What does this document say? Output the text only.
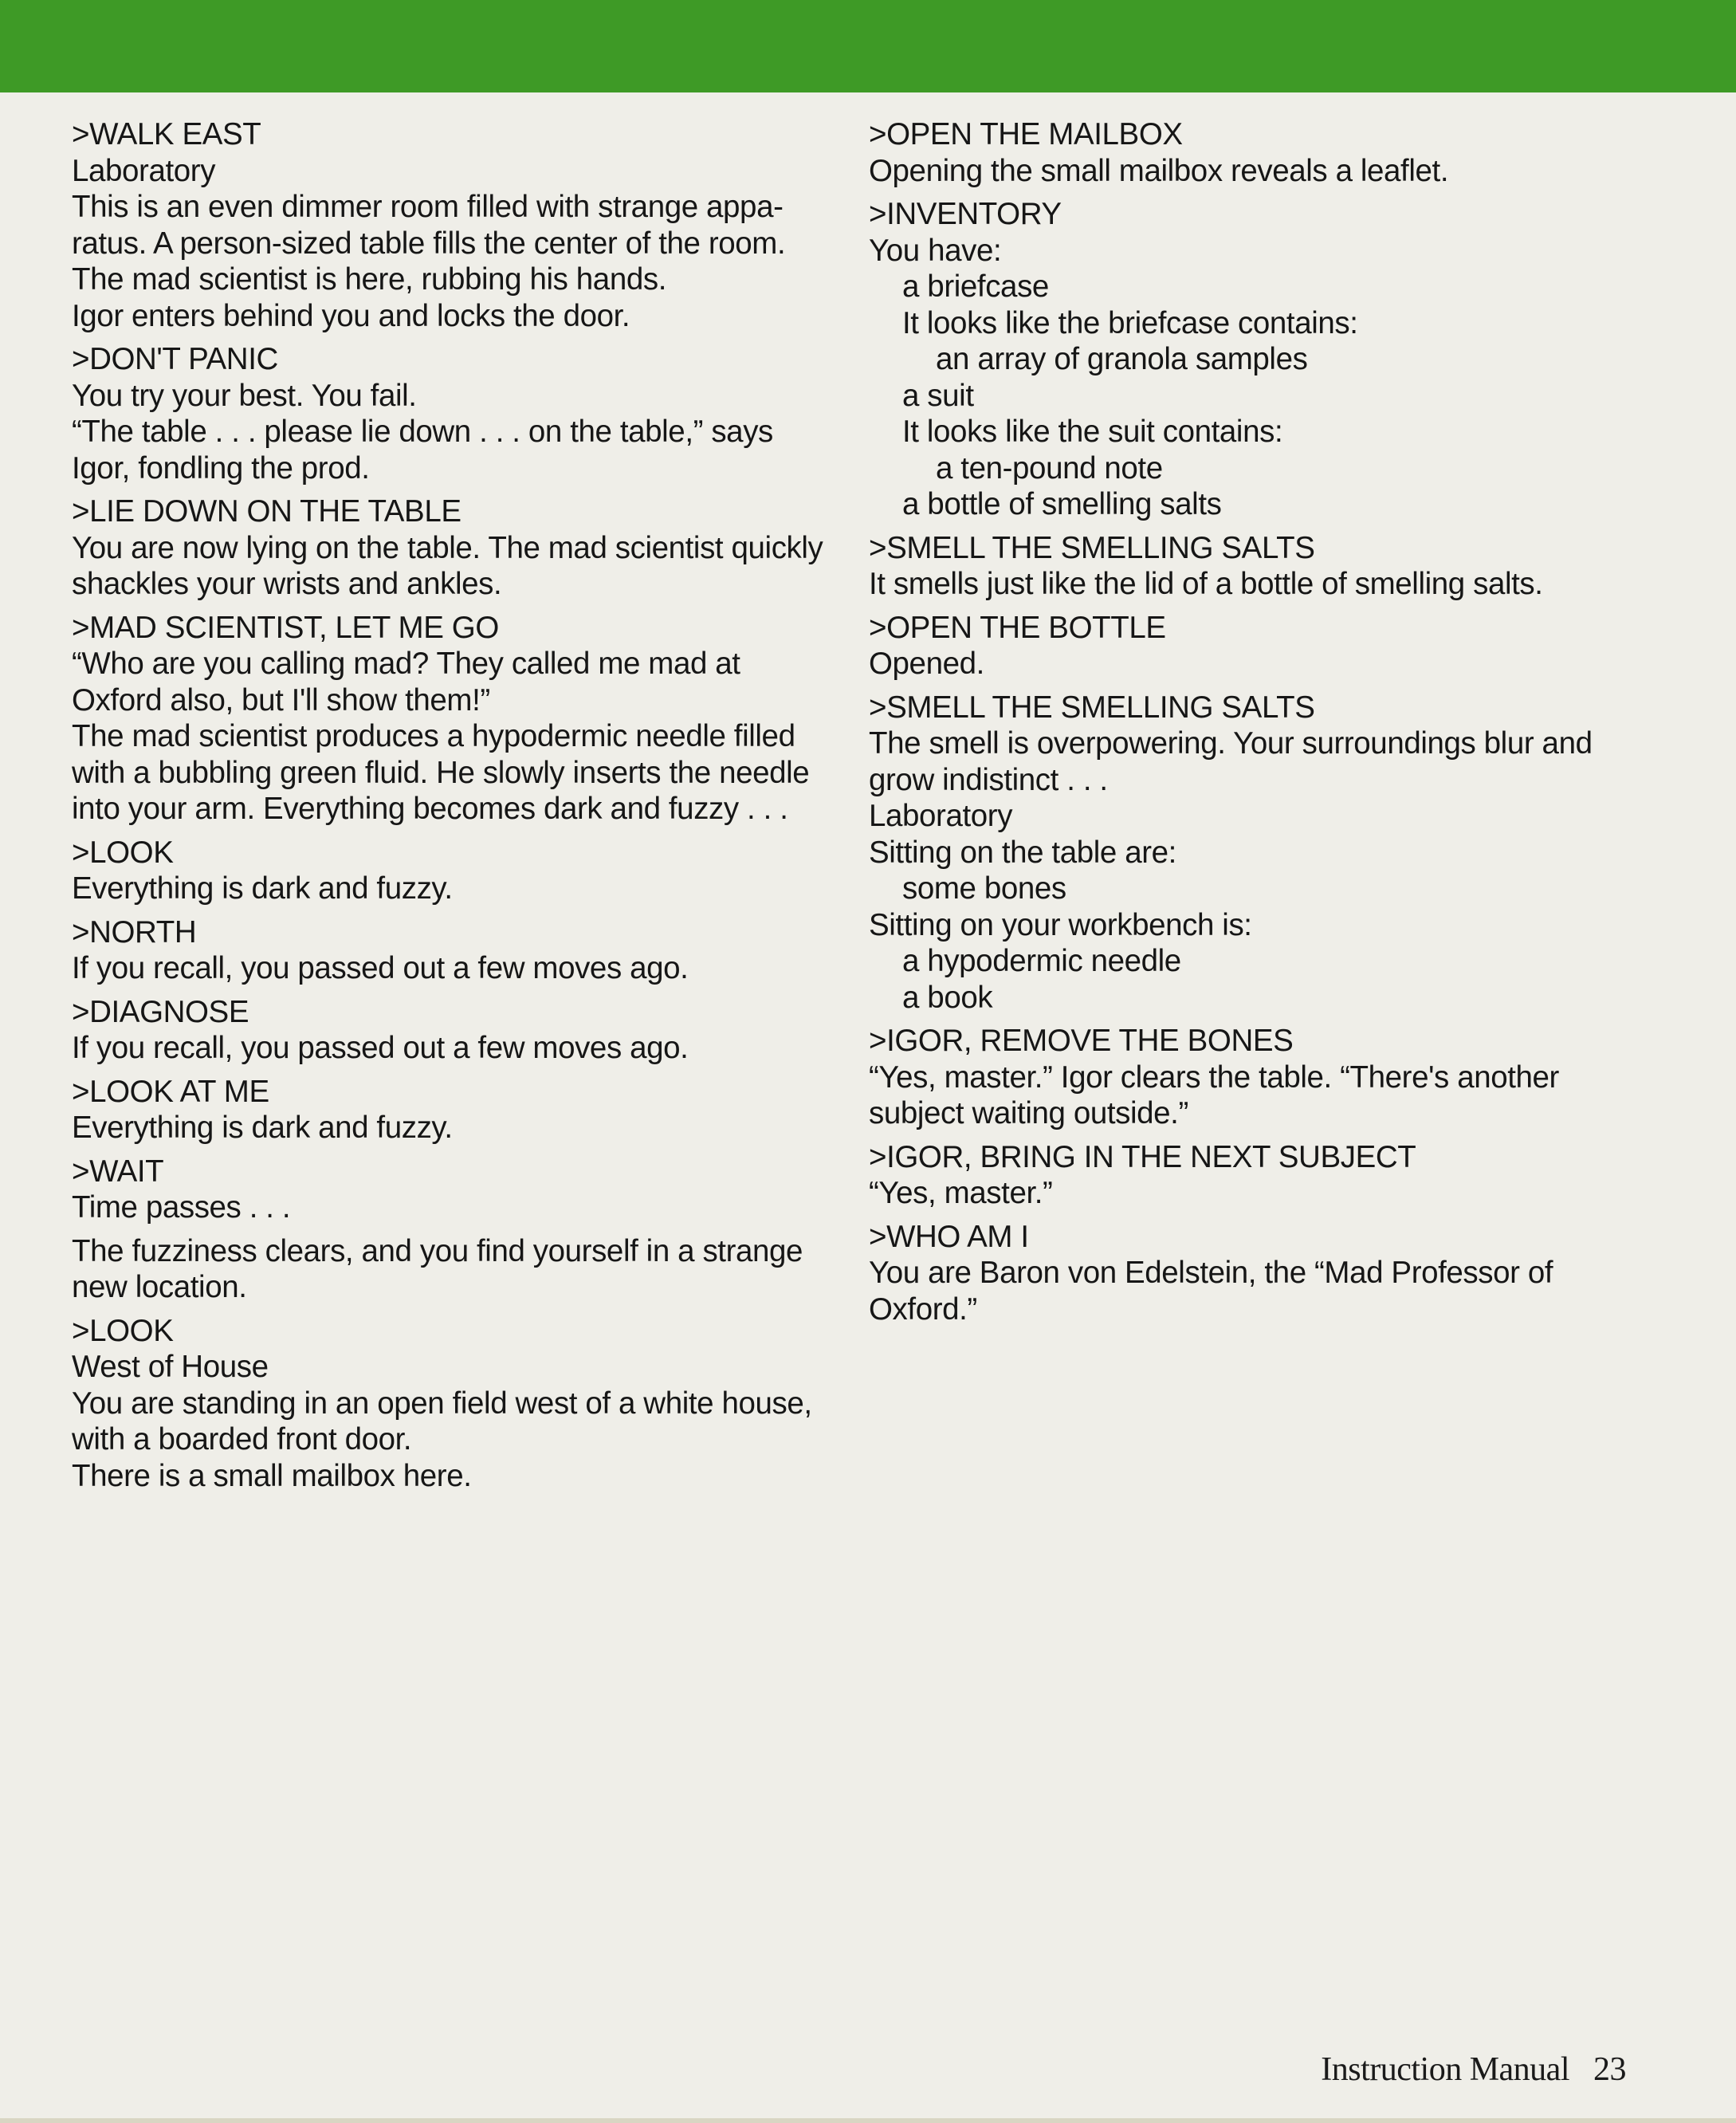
>WALK EAST
Laboratory
This is an even dimmer room filled with strange appa-
ratus. A person-sized table fills the center of the room.
The mad scientist is here, rubbing his hands.
Igor enters behind you and locks the door.
>DON'T PANIC
You try your best. You fail.
“The table . . . please lie down . . . on the table,” says
Igor, fondling the prod.
>LIE DOWN ON THE TABLE
You are now lying on the table. The mad scientist quickly
shackles your wrists and ankles.
>MAD SCIENTIST, LET ME GO
“Who are you calling mad? They called me mad at
Oxford also, but I'll show them!”
The mad scientist produces a hypodermic needle filled
with a bubbling green fluid. He slowly inserts the needle
into your arm. Everything becomes dark and fuzzy . . .
>LOOK
Everything is dark and fuzzy.
>NORTH
If you recall, you passed out a few moves ago.
>DIAGNOSE
If you recall, you passed out a few moves ago.
>LOOK AT ME
Everything is dark and fuzzy.
>WAIT
Time passes . . .
The fuzziness clears, and you find yourself in a strange
new location.
>LOOK
West of House
You are standing in an open field west of a white house,
with a boarded front door.
There is a small mailbox here.
>OPEN THE MAILBOX
Opening the small mailbox reveals a leaflet.
>INVENTORY
You have:
a briefcase
It looks like the briefcase contains:
an array of granola samples
a suit
It looks like the suit contains:
a ten-pound note
a bottle of smelling salts
>SMELL THE SMELLING SALTS
It smells just like the lid of a bottle of smelling salts.
>OPEN THE BOTTLE
Opened.
>SMELL THE SMELLING SALTS
The smell is overpowering. Your surroundings blur and
grow indistinct . . .
Laboratory
Sitting on the table are:
some bones
Sitting on your workbench is:
a hypodermic needle
a book
>IGOR, REMOVE THE BONES
“Yes, master.” Igor clears the table. “There's another
subject waiting outside.”
>IGOR, BRING IN THE NEXT SUBJECT
“Yes, master.”
>WHO AM I
You are Baron von Edelstein, the “Mad Professor of
Oxford.”
Instruction Manual 23
